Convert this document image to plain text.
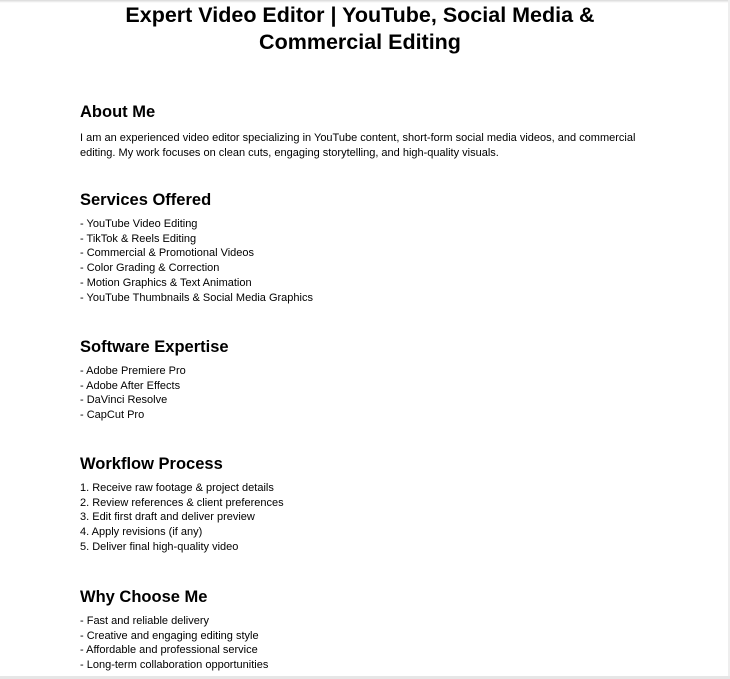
Expert Video Editor | YouTube, Social Media & Commercial Editing
About Me

I am an experienced video editor specializing in YouTube content, short-form social media videos, and commercial editing. My work focuses on clean cuts, engaging storytelling, and high-quality visuals.

Services Offered
- YouTube Video Editing
- TikTok & Reels Editing
- Commercial & Promotional Videos
- Color Grading & Correction
- Motion Graphics & Text Animation
- YouTube Thumbnails & Social Media Graphics
Software Expertise
- Adobe Premiere Pro
- Adobe After Effects
- DaVinci Resolve
- CapCut Pro
Workflow Process
1. Receive raw footage & project details
2. Review references & client preferences
3. Edit first draft and deliver preview
4. Apply revisions (if any)
5. Deliver final high-quality video
Why Choose Me
- Fast and reliable delivery
- Creative and engaging editing style
- Affordable and professional service
- Long-term collaboration opportunities
